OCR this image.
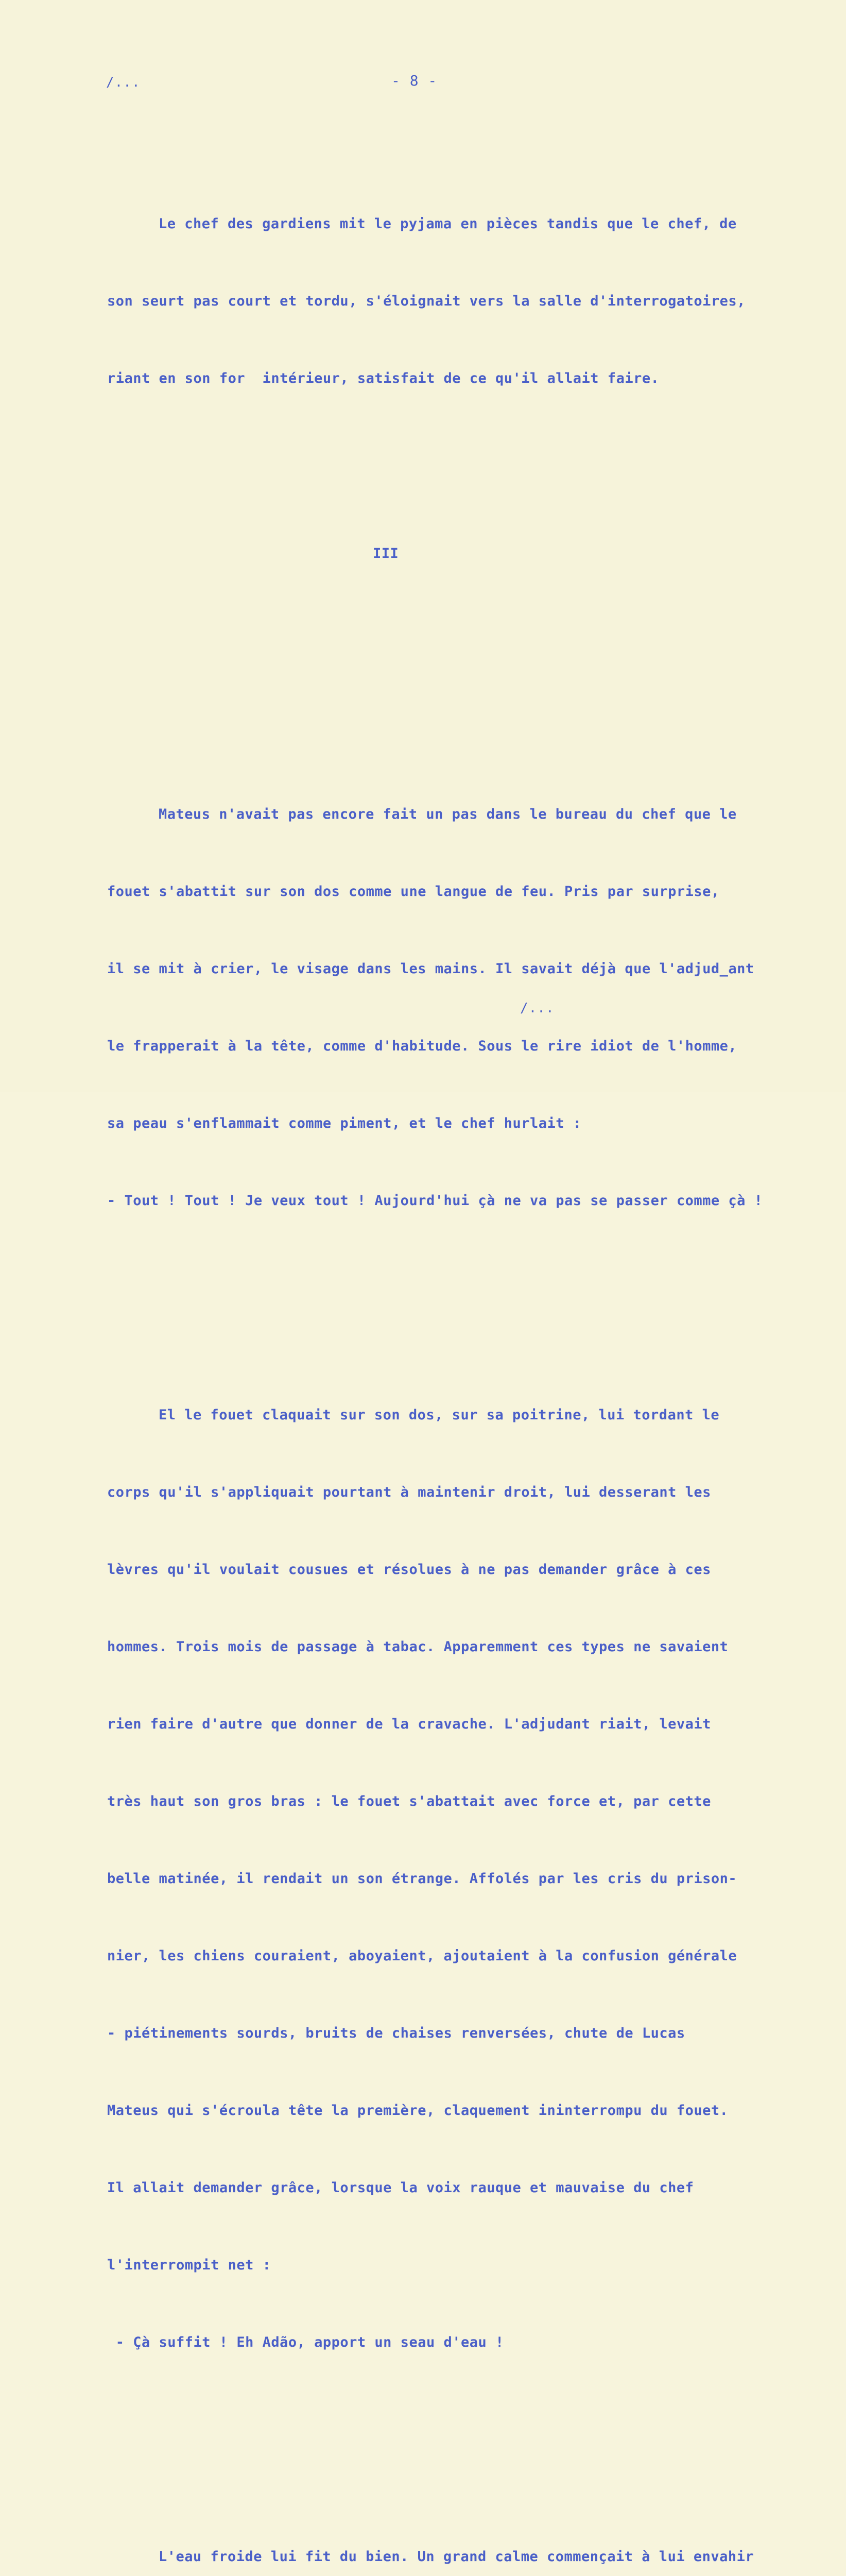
/...	- 8 -

Le chef des gardiens mit le pyjama en pièces tandis que le chef, de

son seurt pas court et tordu, s'éloignait vers la salle d'interrogatoires,

riant en son for  intérieur, satisfait de ce qu'il allait faire.

III

Mateus n'avait pas encore fait un pas dans le bureau du chef que le

fouet s'abattit sur son dos comme une langue de feu. Pris par surprise,

il se mit à crier, le visage dans les mains. Il savait déjà que l'adjud_ant

le frapperait à la tête, comme d'habitude. Sous le rire idiot de l'homme,

sa peau s'enflammait comme piment, et le chef hurlait :

- Tout ! Tout ! Je veux tout ! Aujourd'hui çà ne va pas se passer comme çà !

El le fouet claquait sur son dos, sur sa poitrine, lui tordant le

corps qu'il s'appliquait pourtant à maintenir droit, lui desserant les

lèvres qu'il voulait cousues et résolues à ne pas demander grâce à ces

hommes. Trois mois de passage à tabac. Apparemment ces types ne savaient

rien faire d'autre que donner de la cravache. L'adjudant riait, levait

très haut son gros bras : le fouet s'abattait avec force et, par cette

belle matinée, il rendait un son étrange. Affolés par les cris du prison-

nier, les chiens couraient, aboyaient, ajoutaient à la confusion générale

- piétinements sourds, bruits de chaises renversées, chute de Lucas

Mateus qui s'écroula tête la première, claquement ininterrompu du fouet.

Il allait demander grâce, lorsque la voix rauque et mauvaise du chef

l'interrompit net :

- Çà suffit ! Eh Adão, apport un seau d'eau !

L'eau froide lui fit du bien. Un grand calme commençait à lui envahir

/...
